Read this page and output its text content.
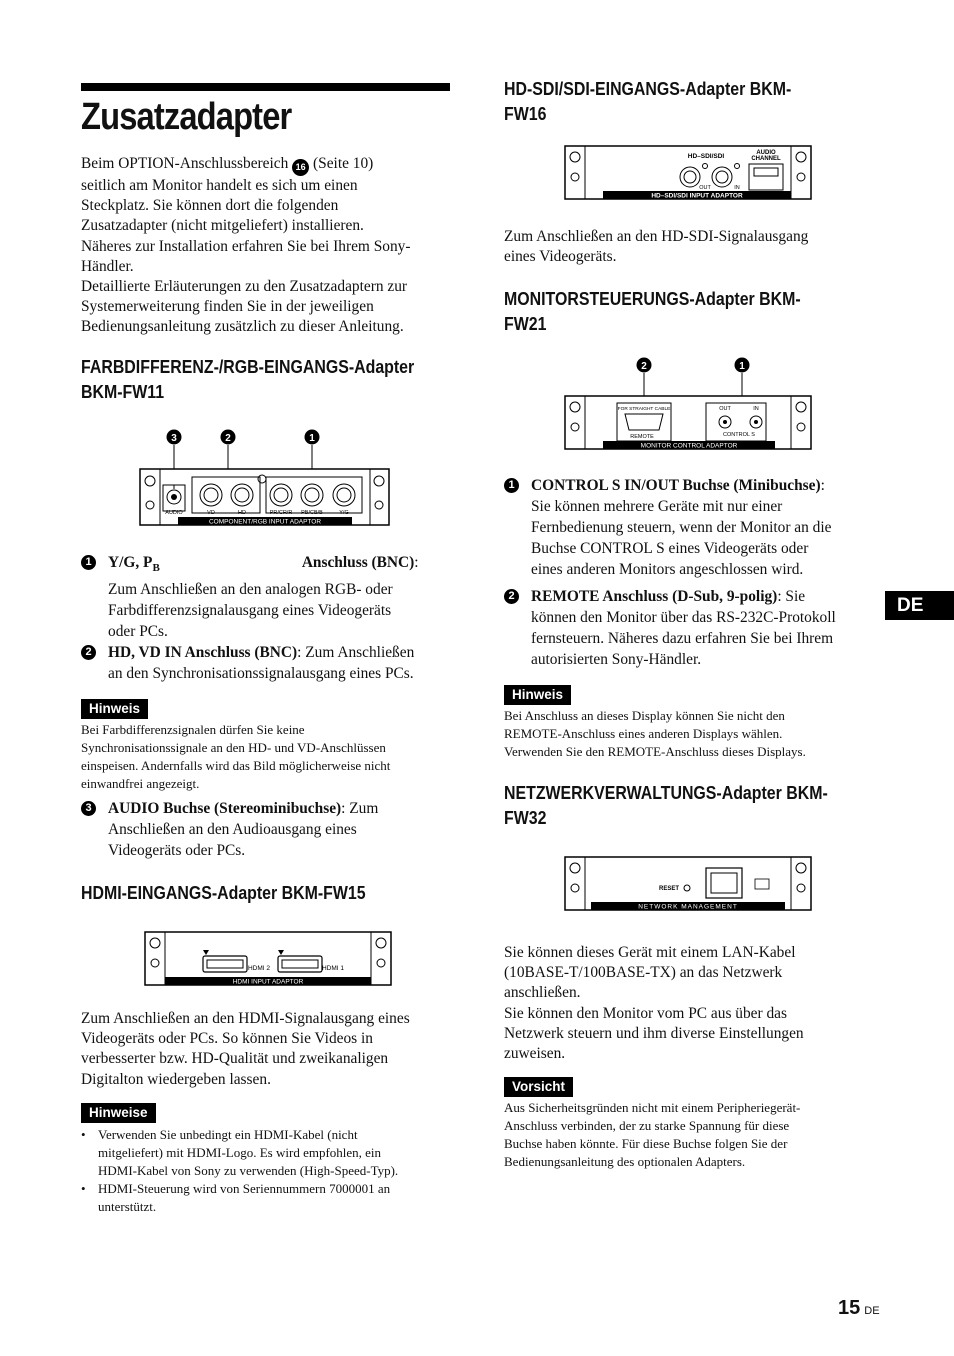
Zusatzadapter
Beim OPTION-Anschlussbereich 16 (Seite 10)
seitlich am Monitor handelt es sich um einen
Steckplatz. Sie können dort die folgenden
Zusatzadapter (nicht mitgeliefert) installieren.
Näheres zur Installation erfahren Sie bei Ihrem Sony-
Händler.
Detaillierte Erläuterungen zu den Zusatzadaptern zur
Systemerweiterung finden Sie in der jeweiligen
Bedienungsanleitung zusätzlich zu dieser Anleitung.
FARBDIFFERENZ-/RGB-EINGANGS-Adapter
BKM-FW11
3	2	1
AUDIO	VD	HD	PR/CR/R PB/CB/B	Y/G
COMPONENT/RGB INPUT ADAPTOR
1 Y/G, $P_B$	Anschluss (BNC):
Zum Anschließen an den analogen RGB- oder
Farbdifferenzsignalausgang eines Videogeräts
oder PCs.
2 HD, VD IN Anschluss (BNC): Zum Anschließen
an den Synchronisationssignalausgang eines PCs.
Hinweis
Bei Farbdifferenzsignalen dürfen Sie keine
Synchronisationssignale an den HD- und VD-Anschlüssen
einspeisen. Andernfalls wird das Bild möglicherweise nicht
einwandfrei angezeigt.
3 AUDIO Buchse (Stereominibuchse): Zum
Anschließen an den Audioausgang eines
Videogeräts oder PCs.
HDMI-EINGANGS-Adapter BKM-FW15
HDMI 2	HDMI 1
HDMI INPUT ADAPTOR
Zum Anschließen an den HDMI-Signalausgang eines
Videogeräts oder PCs. So können Sie Videos in
verbesserter bzw. HD-Qualität und zweikanaligen
Digitalton wiedergeben lassen.
Hinweise
• Verwenden Sie unbedingt ein HDMI-Kabel (nicht
mitgeliefert) mit HDMI-Logo. Es wird empfohlen, ein
HDMI-Kabel von Sony zu verwenden (High-Speed-Typ).
• HDMI-Steuerung wird von Seriennummern 7000001 an
unterstützt.
HD-SDI/SDI-EINGANGS-Adapter BKM-
FW16
HD–SDI/SDI	AUDIO
CHANNEL
OUT	IN
HD–SDI/SDI INPUT ADAPTOR
Zum Anschließen an den HD-SDI-Signalausgang
eines Videogeräts.
MONITORSTEUERUNGS-Adapter BKM-
FW21
2	1
FOR STRAIGHT CABLE
REMOTE
OUT	IN
CONTROL S
MONITOR CONTROL ADAPTOR
1 CONTROL S IN/OUT Buchse (Minibuchse):
Sie können mehrere Geräte mit nur einer
Fernbedienung steuern, wenn der Monitor an die
Buchse CONTROL S eines Videogeräts oder
eines anderen Monitors angeschlossen wird.
2 REMOTE Anschluss (D-Sub, 9-polig): Sie
können den Monitor über das RS-232C-Protokoll
fernsteuern. Näheres dazu erfahren Sie bei Ihrem
autorisierten Sony-Händler.
Hinweis
Bei Anschluss an dieses Display können Sie nicht den
REMOTE-Anschluss eines anderen Displays wählen.
Verwenden Sie den REMOTE-Anschluss dieses Displays.
NETZWERKVERWALTUNGS-Adapter BKM-
FW32
RESET
NETWORK MANAGEMENT
Sie können dieses Gerät mit einem LAN-Kabel
(10BASE-T/100BASE-TX) an das Netzwerk
anschließen.
Sie können den Monitor vom PC aus über das
Netzwerk steuern und ihm diverse Einstellungen
zuweisen.
Vorsicht
Aus Sicherheitsgründen nicht mit einem Peripheriegerät-
Anschluss verbinden, der zu starke Spannung für diese
Buchse haben könnte. Für diese Buchse folgen Sie der
Bedienungsanleitung des optionalen Adapters.
DE
15 DE
